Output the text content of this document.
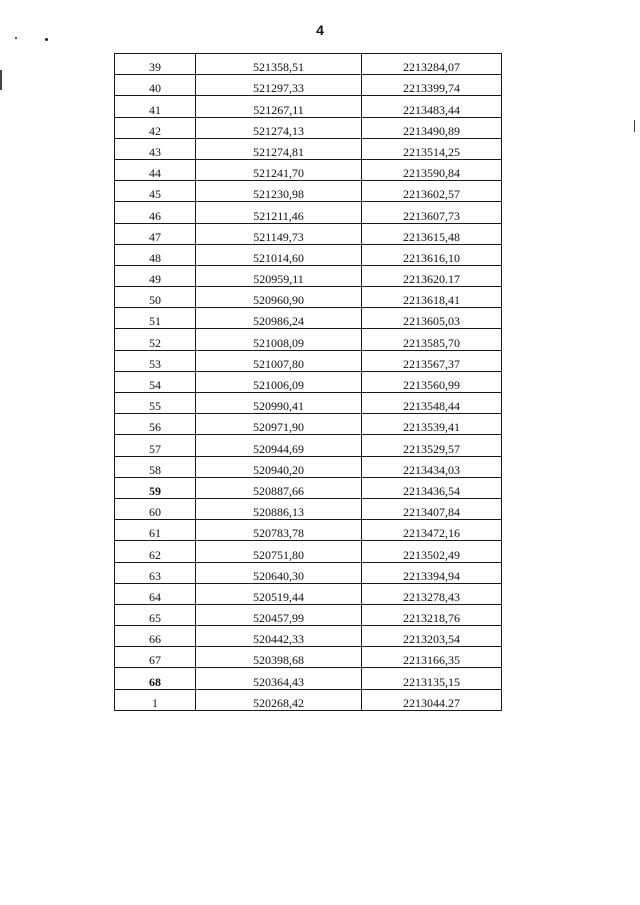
4
39	521358,51	2213284,07
40	521297,33	2213399,74
41	521267,11	2213483,44
42	521274,13	2213490,89
43	521274,81	2213514,25
44	521241,70	2213590,84
45	521230,98	2213602,57
46	521211,46	2213607,73
47	521149,73	2213615,48
48	521014,60	2213616,10
49	520959,11	2213620.17
50	520960,90	2213618,41
51	520986,24	2213605,03
52	521008,09	2213585,70
53	521007,80	2213567,37
54	521006,09	2213560,99
55	520990,41	2213548,44
56	520971,90	2213539,41
57	520944,69	2213529,57
58	520940,20	2213434,03
59	520887,66	2213436,54
60	520886,13	2213407,84
61	520783,78	2213472,16
62	520751,80	2213502,49
63	520640,30	2213394,94
64	520519,44	2213278,43
65	520457,99	2213218,76
66	520442,33	2213203,54
67	520398,68	2213166,35
68	520364,43	2213135,15
1	520268,42	2213044.27
